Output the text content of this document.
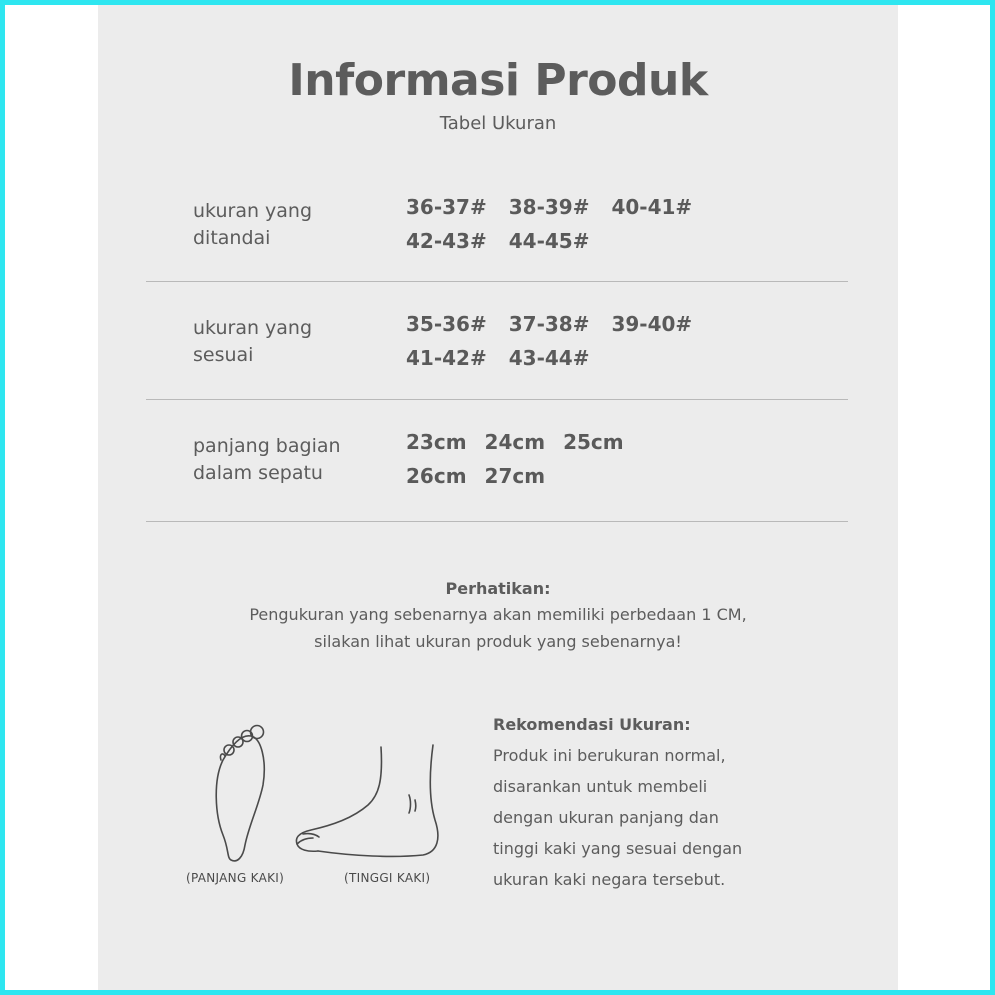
Informasi Produk
Tabel Ukuran
ukuran yang
ditandai
36-37# 38-39# 40-41#
42-43# 44-45#
ukuran yang
sesuai
35-36# 37-38# 39-40#
41-42# 43-44#
panjang bagian
dalam sepatu
23cm 24cm 25cm
26cm 27cm
Perhatikan:
Pengukuran yang sebenarnya akan memiliki perbedaan 1 CM,
silakan lihat ukuran produk yang sebenarnya!
(PANJANG KAKI)	(TINGGI KAKI)
Rekomendasi Ukuran:
Produk ini berukuran normal,
disarankan untuk membeli
dengan ukuran panjang dan
tinggi kaki yang sesuai dengan
ukuran kaki negara tersebut.
